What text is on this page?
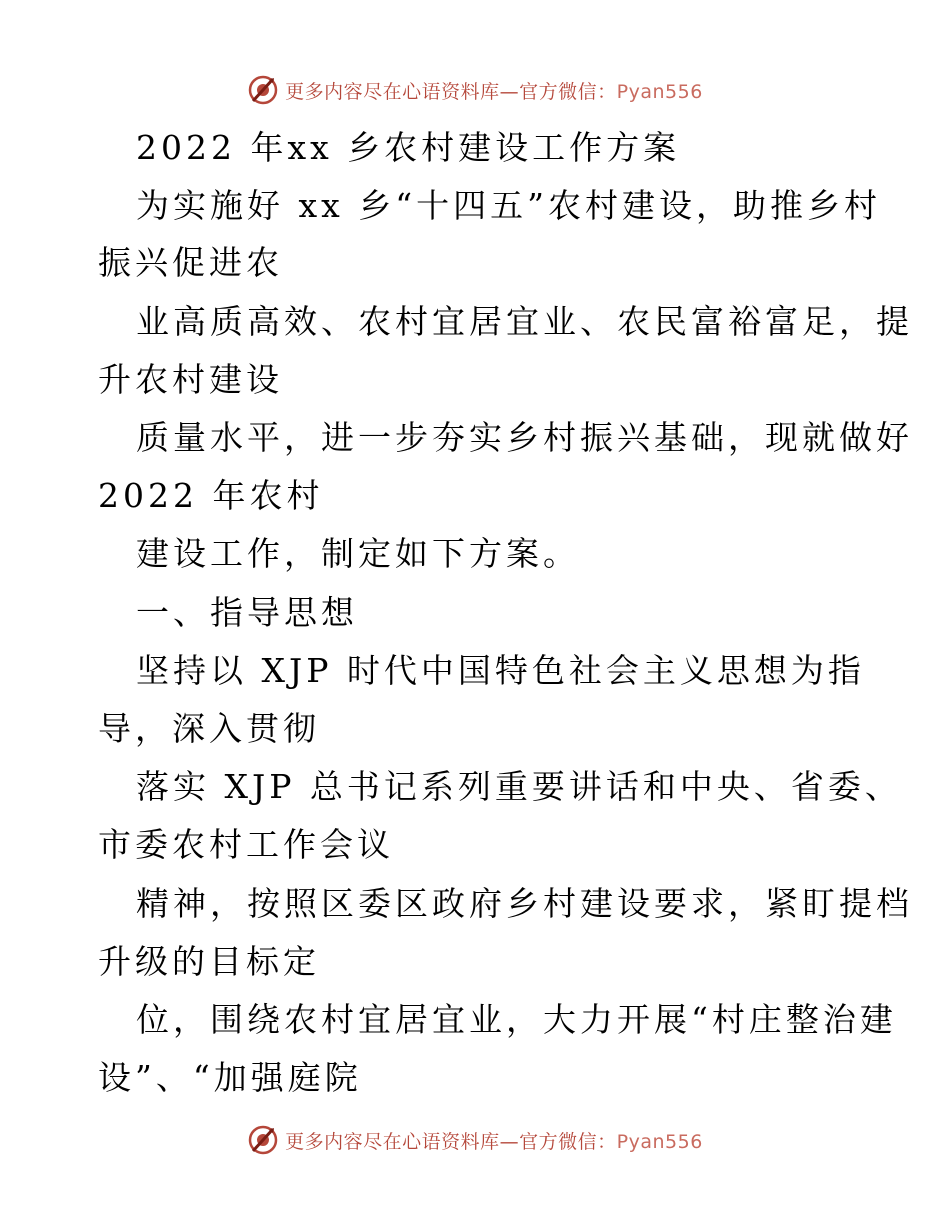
更多内容尽在心语资料库—官方微信：Pyan556
2022 年xx 乡农村建设工作方案
为实施好 xx 乡“十四五”农村建设，助推乡村
振兴促进农
业高质高效、农村宜居宜业、农民富裕富足，提
升农村建设
质量水平，进一步夯实乡村振兴基础，现就做好
2022 年农村
建设工作，制定如下方案。
一、指导思想
坚持以 XJP 时代中国特色社会主义思想为指
导，深入贯彻
落实 XJP 总书记系列重要讲话和中央、省委、
市委农村工作会议
精神，按照区委区政府乡村建设要求，紧盯提档
升级的目标定
位，围绕农村宜居宜业，大力开展“村庄整治建
设”、“加强庭院
更多内容尽在心语资料库—官方微信：Pyan556
